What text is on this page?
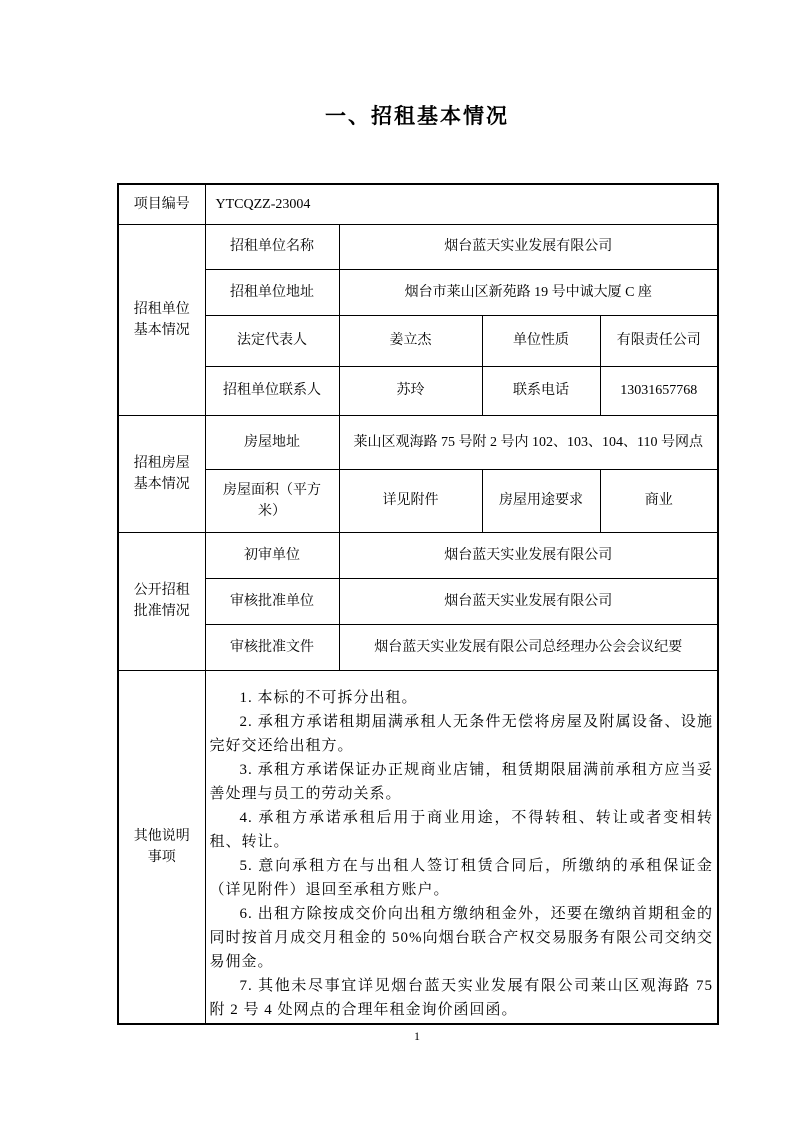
一、招租基本情况
项目编号	YTCQZZ-23004			
招租单位基本情况	招租单位名称	烟台蓝天实业发展有限公司		
	招租单位地址	烟台市莱山区新苑路 19 号中诚大厦 C 座		
	法定代表人	姜立杰	单位性质	有限责任公司
	招租单位联系人	苏玲	联系电话	13031657768
招租房屋基本情况	房屋地址	莱山区观海路 75 号附 2 号内 102、103、104、110 号网点		
	房屋面积（平方米）	详见附件	房屋用途要求	商业
公开招租批准情况	初审单位	烟台蓝天实业发展有限公司		
	审核批准单位	烟台蓝天实业发展有限公司		
	审核批准文件	烟台蓝天实业发展有限公司总经理办公会会议纪要		
其他说明事项	

1. 本标的不可拆分出租。

2. 承租方承诺租期届满承租人无条件无偿将房屋及附属设备、设施完好交还给出租方。

3. 承租方承诺保证办正规商业店铺，租赁期限届满前承租方应当妥善处理与员工的劳动关系。

4. 承租方承诺承租后用于商业用途，不得转租、转让或者变相转租、转让。

5. 意向承租方在与出租人签订租赁合同后，所缴纳的承租保证金（详见附件）退回至承租方账户。

6. 出租方除按成交价向出租方缴纳租金外，还要在缴纳首期租金的同时按首月成交月租金的 50%向烟台联合产权交易服务有限公司交纳交易佣金。

7. 其他未尽事宜详见烟台蓝天实业发展有限公司莱山区观海路 75 附 2 号 4 处网点的合理年租金询价函回函。

1
